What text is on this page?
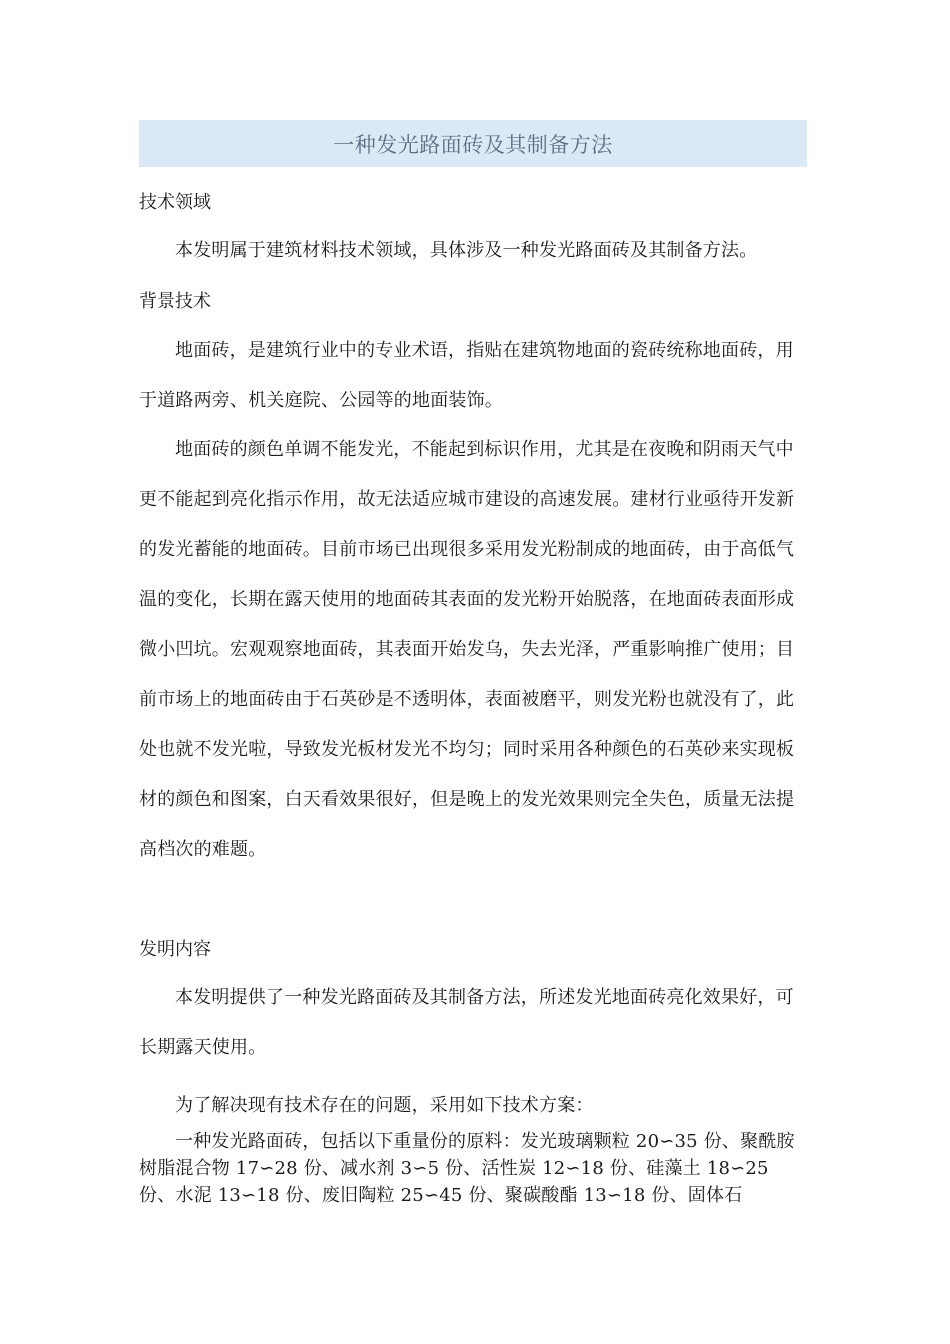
一种发光路面砖及其制备方法
技术领域

本发明属于建筑材料技术领域，具体涉及一种发光路面砖及其制备方法。

背景技术

地面砖，是建筑行业中的专业术语，指贴在建筑物地面的瓷砖统称地面砖，用于道路两旁、机关庭院、公园等的地面装饰。

地面砖的颜色单调不能发光，不能起到标识作用，尤其是在夜晚和阴雨天气中更不能起到亮化指示作用，故无法适应城市建设的高速发展。建材行业亟待开发新的发光蓄能的地面砖。目前市场已出现很多采用发光粉制成的地面砖，由于高低气温的变化，长期在露天使用的地面砖其表面的发光粉开始脱落，在地面砖表面形成微小凹坑。宏观观察地面砖，其表面开始发乌，失去光泽，严重影响推广使用；目前市场上的地面砖由于石英砂是不透明体，表面被磨平，则发光粉也就没有了，此处也就不发光啦，导致发光板材发光不均匀；同时采用各种颜色的石英砂来实现板材的颜色和图案，白天看效果很好，但是晚上的发光效果则完全失色，质量无法提高档次的难题。

发明内容

本发明提供了一种发光路面砖及其制备方法，所述发光地面砖亮化效果好，可长期露天使用。

为了解决现有技术存在的问题，采用如下技术方案：

一种发光路面砖，包括以下重量份的原料：发光玻璃颗粒 20∽35 份、聚酰胺树脂混合物 17∽28 份、减水剂 3∽5 份、活性炭 12∽18 份、硅藻土 18∽25 份、水泥 13∽18 份、废旧陶粒 25∽45 份、聚碳酸酯 13∽18 份、固体石
